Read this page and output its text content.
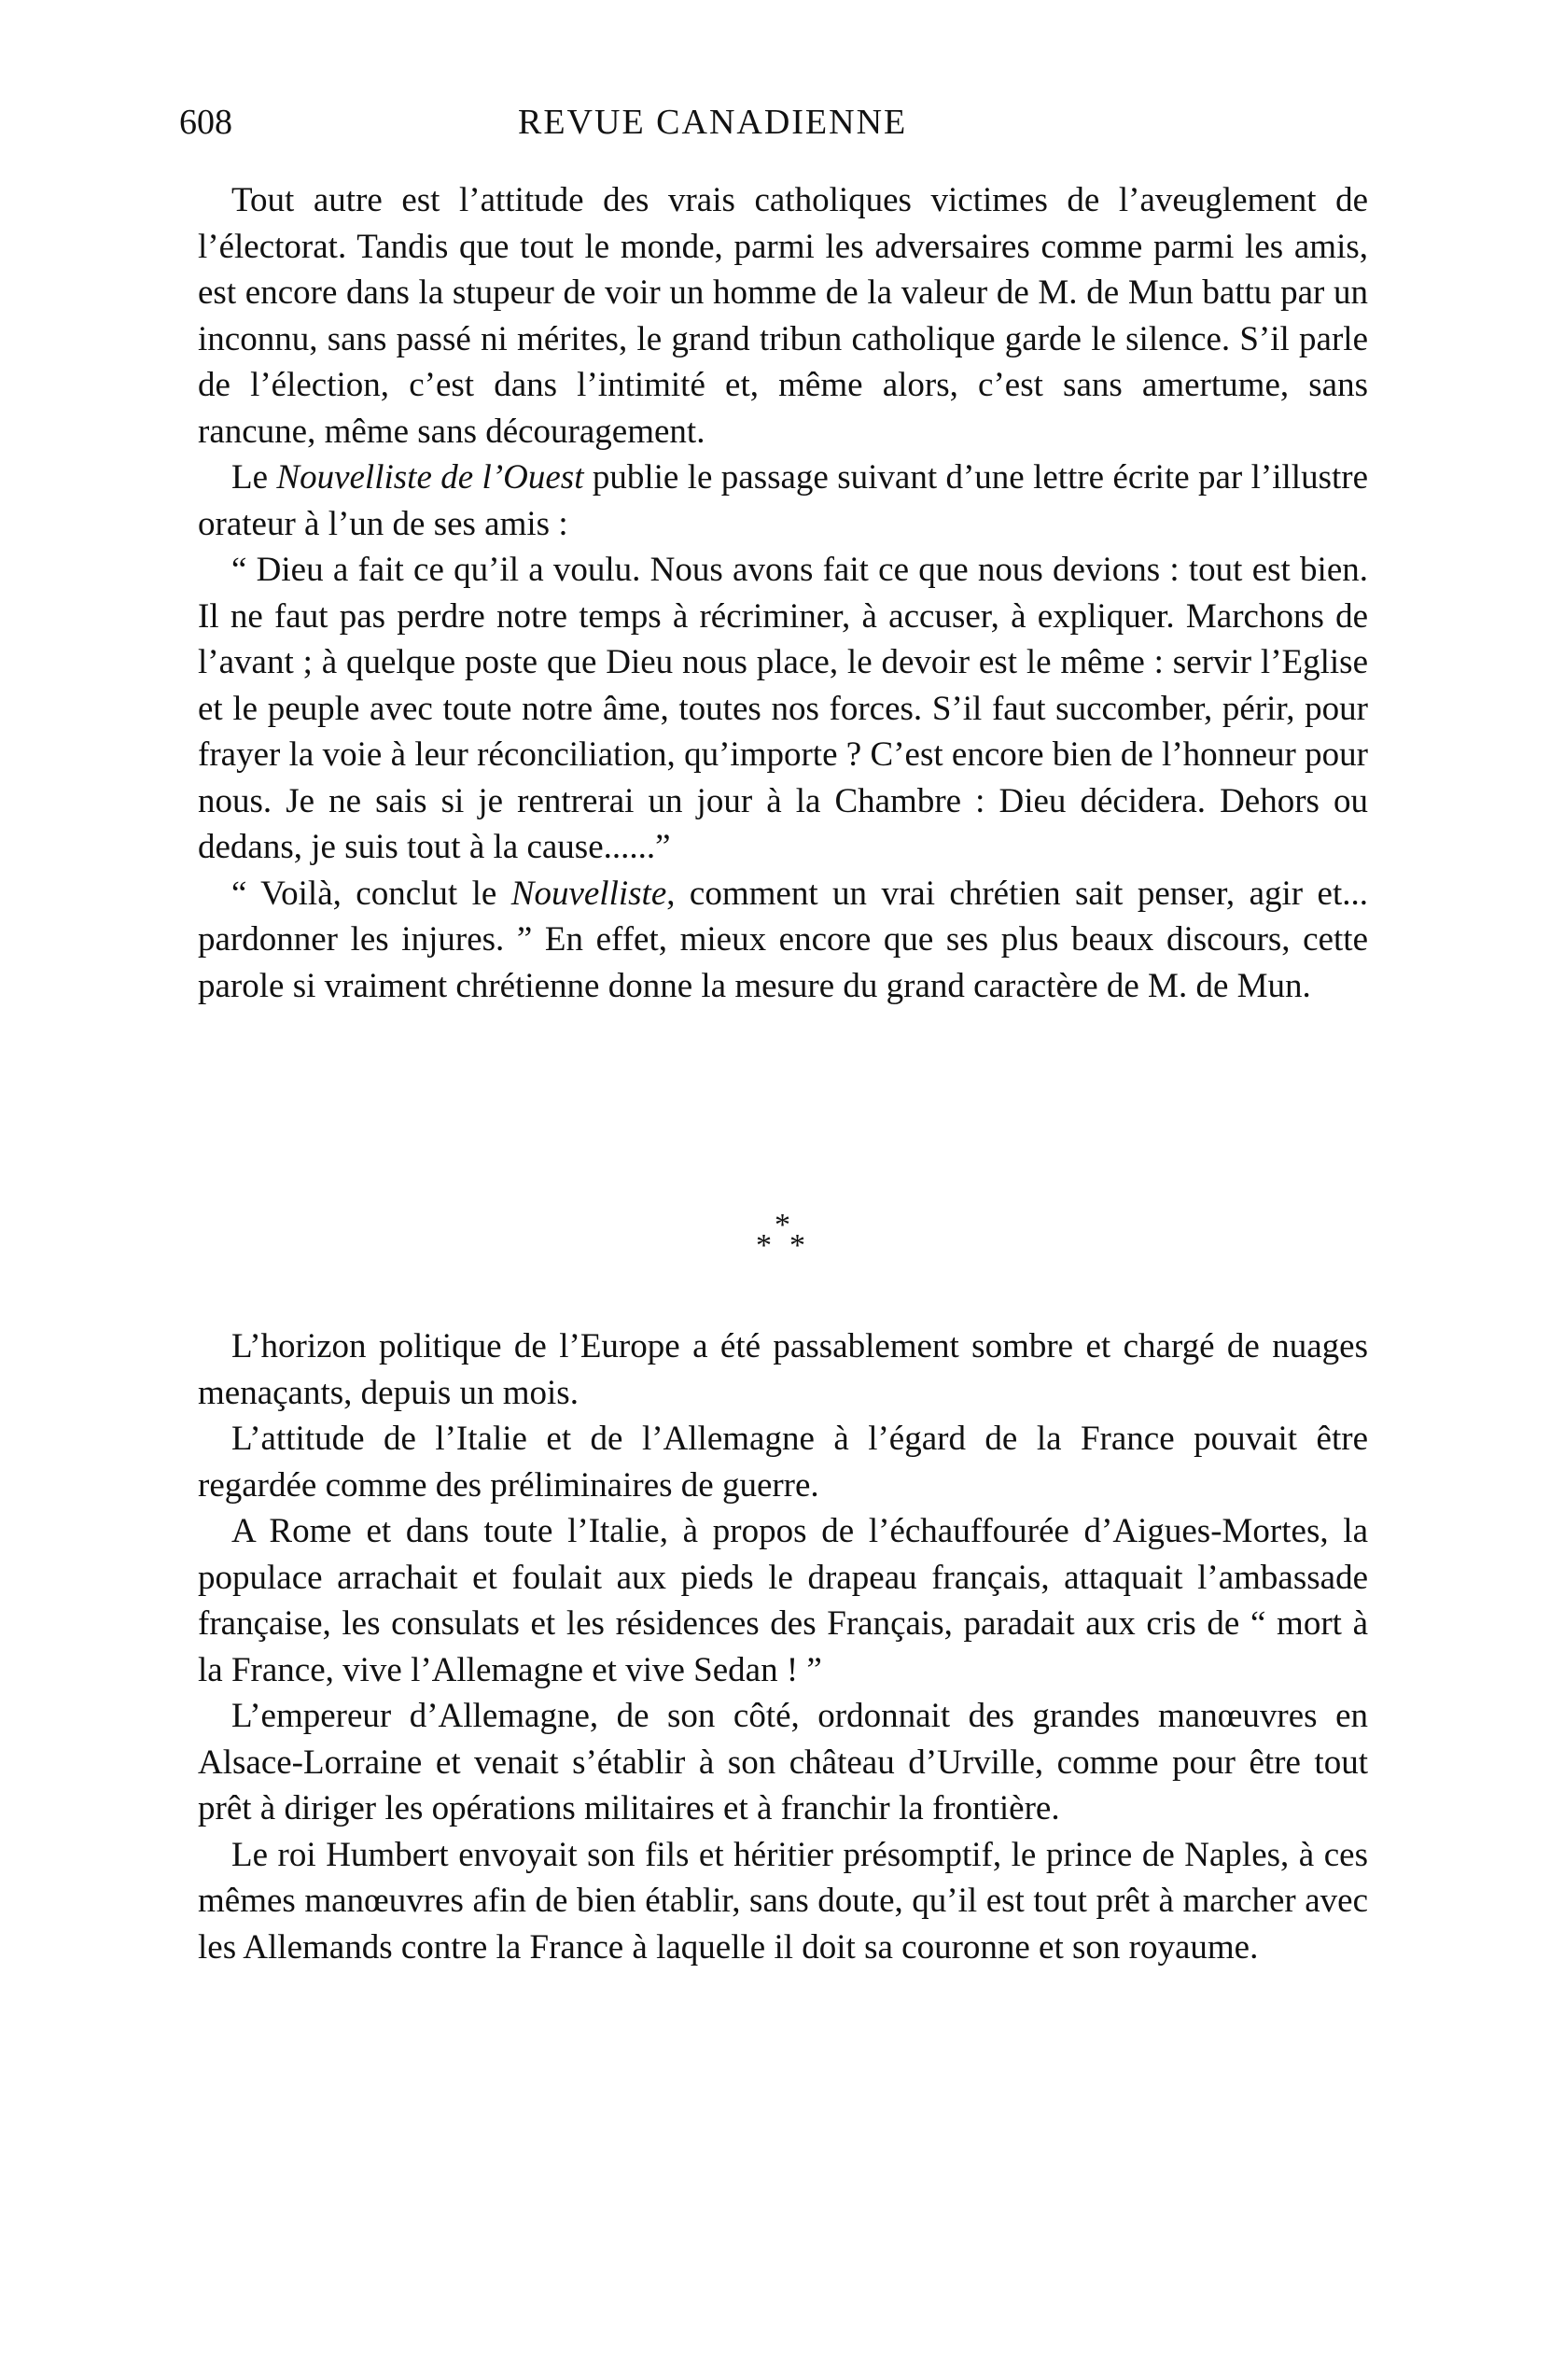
608	REVUE CANADIENNE

Tout autre est l’attitude des vrais catholiques victimes de l’aveuglement de l’électorat. Tandis que tout le monde, parmi les adversaires comme parmi les amis, est encore dans la stupeur de voir un homme de la valeur de M. de Mun battu par un inconnu, sans passé ni mérites, le grand tribun catholique garde le silence. S’il parle de l’élection, c’est dans l’intimité et, même alors, c’est sans amertume, sans rancune, même sans découragement.

Le Nouvelliste de l’Ouest publie le passage suivant d’une lettre écrite par l’illustre orateur à l’un de ses amis :

“ Dieu a fait ce qu’il a voulu. Nous avons fait ce que nous devions : tout est bien. Il ne faut pas perdre notre temps à récriminer, à accuser, à expliquer. Marchons de l’avant ; à quelque poste que Dieu nous place, le devoir est le même : servir l’Eglise et le peuple avec toute notre âme, toutes nos forces. S’il faut succomber, périr, pour frayer la voie à leur réconciliation, qu’importe ? C’est encore bien de l’honneur pour nous. Je ne sais si je rentrerai un jour à la Chambre : Dieu décidera. Dehors ou dedans, je suis tout à la cause......”

“ Voilà, conclut le Nouvelliste, comment un vrai chrétien sait penser, agir et... pardonner les injures. ” En effet, mieux encore que ses plus beaux discours, cette parole si vraiment chrétienne donne la mesure du grand caractère de M. de Mun.

*
* *

L’horizon politique de l’Europe a été passablement sombre et chargé de nuages menaçants, depuis un mois.

L’attitude de l’Italie et de l’Allemagne à l’égard de la France pouvait être regardée comme des préliminaires de guerre.

A Rome et dans toute l’Italie, à propos de l’échauffourée d’Aigues-Mortes, la populace arrachait et foulait aux pieds le drapeau français, attaquait l’ambassade française, les consulats et les résidences des Français, paradait aux cris de “ mort à la France, vive l’Allemagne et vive Sedan ! ”

L’empereur d’Allemagne, de son côté, ordonnait des grandes manœuvres en Alsace-Lorraine et venait s’établir à son château d’Urville, comme pour être tout prêt à diriger les opérations militaires et à franchir la frontière.

Le roi Humbert envoyait son fils et héritier présomptif, le prince de Naples, à ces mêmes manœuvres afin de bien établir, sans doute, qu’il est tout prêt à marcher avec les Allemands contre la France à laquelle il doit sa couronne et son royaume.
